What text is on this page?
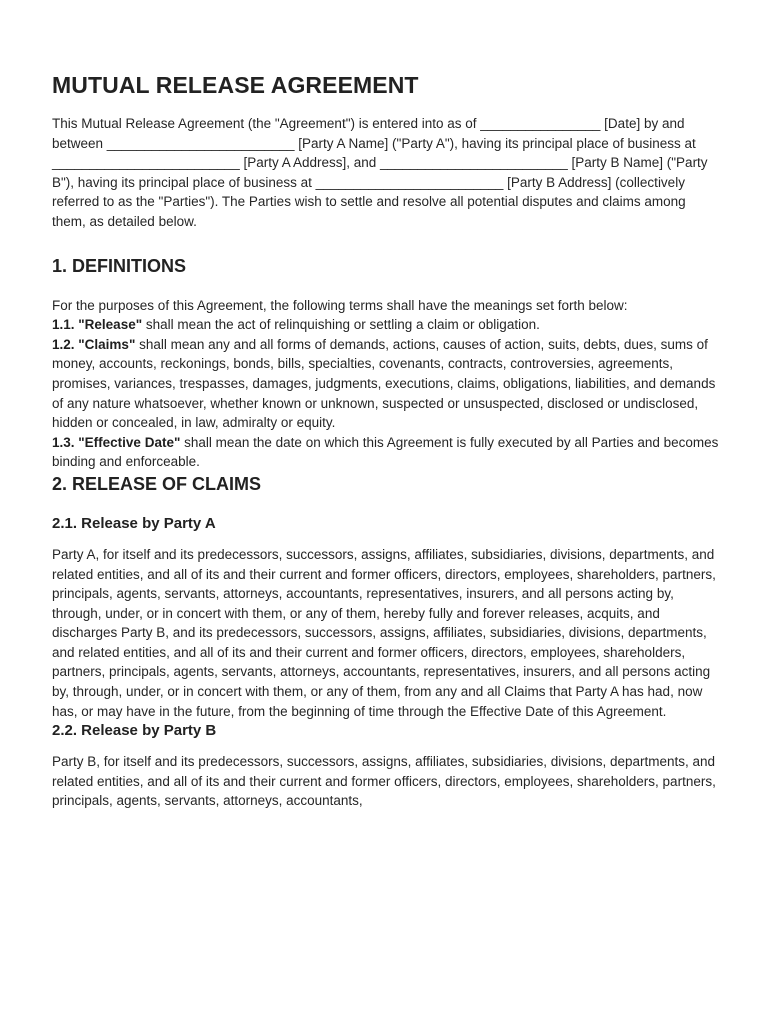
MUTUAL RELEASE AGREEMENT

This Mutual Release Agreement (the "Agreement") is entered into as of ________________ [Date] by and between _________________________ [Party A Name] ("Party A"), having its principal place of business at _________________________ [Party A Address], and _________________________ [Party B Name] ("Party B"), having its principal place of business at _________________________ [Party B Address] (collectively referred to as the "Parties"). The Parties wish to settle and resolve all potential disputes and claims among them, as detailed below.

1. DEFINITIONS

For the purposes of this Agreement, the following terms shall have the meanings set forth below:

1.1. "Release" shall mean the act of relinquishing or settling a claim or obligation.

1.2. "Claims" shall mean any and all forms of demands, actions, causes of action, suits, debts, dues, sums of money, accounts, reckonings, bonds, bills, specialties, covenants, contracts, controversies, agreements, promises, variances, trespasses, damages, judgments, executions, claims, obligations, liabilities, and demands of any nature whatsoever, whether known or unknown, suspected or unsuspected, disclosed or undisclosed, hidden or concealed, in law, admiralty or equity.

1.3. "Effective Date" shall mean the date on which this Agreement is fully executed by all Parties and becomes binding and enforceable.

2. RELEASE OF CLAIMS
2.1. Release by Party A

Party A, for itself and its predecessors, successors, assigns, affiliates, subsidiaries, divisions, departments, and related entities, and all of its and their current and former officers, directors, employees, shareholders, partners, principals, agents, servants, attorneys, accountants, representatives, insurers, and all persons acting by, through, under, or in concert with them, or any of them, hereby fully and forever releases, acquits, and discharges Party B, and its predecessors, successors, assigns, affiliates, subsidiaries, divisions, departments, and related entities, and all of its and their current and former officers, directors, employees, shareholders, partners, principals, agents, servants, attorneys, accountants, representatives, insurers, and all persons acting by, through, under, or in concert with them, or any of them, from any and all Claims that Party A has had, now has, or may have in the future, from the beginning of time through the Effective Date of this Agreement.

2.2. Release by Party B

Party B, for itself and its predecessors, successors, assigns, affiliates, subsidiaries, divisions, departments, and related entities, and all of its and their current and former officers, directors, employees, shareholders, partners, principals, agents, servants, attorneys, accountants,
